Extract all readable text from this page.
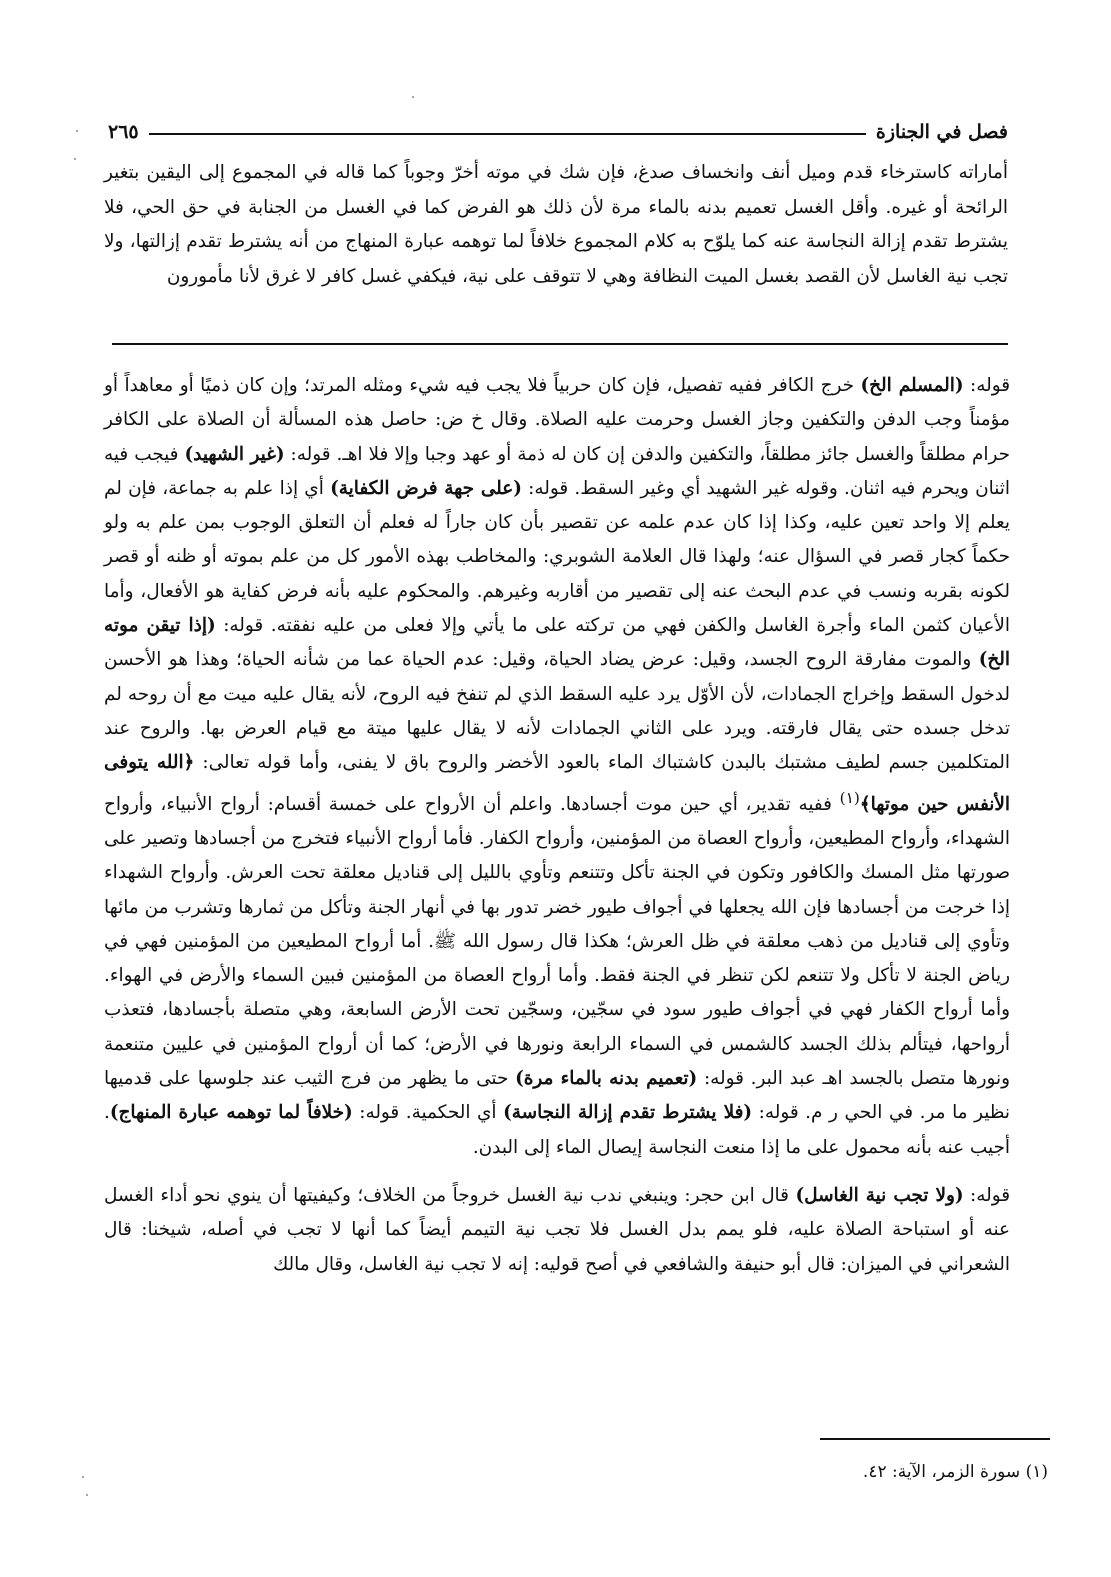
فصل في الجنازة
٢٦٥

أماراته كاسترخاء قدم وميل أنف وانخساف صدغ، فإن شك في موته أخرّ وجوباً كما قاله في المجموع إلى اليقين بتغير الرائحة أو غيره. وأقل الغسل تعميم بدنه بالماء مرة لأن ذلك هو الفرض كما في الغسل من الجنابة في حق الحي، فلا يشترط تقدم إزالة النجاسة عنه كما يلوّح به كلام المجموع خلافاً لما توهمه عبارة المنهاج من أنه يشترط تقدم إزالتها، ولا تجب نية الغاسل لأن القصد بغسل الميت النظافة وهي لا تتوقف على نية، فيكفي غسل كافر لا غرق لأنا مأمورون

قوله: (المسلم الخ) خرج الكافر ففيه تفصيل، فإن كان حربياً فلا يجب فيه شيء ومثله المرتد؛ وإن كان ذميًا أو معاهداً أو مؤمناً وجب الدفن والتكفين وجاز الغسل وحرمت عليه الصلاة. وقال خ ض: حاصل هذه المسألة أن الصلاة على الكافر حرام مطلقاً والغسل جائز مطلقاً، والتكفين والدفن إن كان له ذمة أو عهد وجبا وإلا فلا اهـ. قوله: (غير الشهيد) فيجب فيه اثنان ويحرم فيه اثنان. وقوله غير الشهيد أي وغير السقط. قوله: (على جهة فرض الكفاية) أي إذا علم به جماعة، فإن لم يعلم إلا واحد تعين عليه، وكذا إذا كان عدم علمه عن تقصير بأن كان جاراً له فعلم أن التعلق الوجوب بمن علم به ولو حكماً كجار قصر في السؤال عنه؛ ولهذا قال العلامة الشوبري: والمخاطب بهذه الأمور كل من علم بموته أو ظنه أو قصر لكونه بقربه ونسب في عدم البحث عنه إلى تقصير من أقاربه وغيرهم. والمحكوم عليه بأنه فرض كفاية هو الأفعال، وأما الأعيان كثمن الماء وأجرة الغاسل والكفن فهي من تركته على ما يأتي وإلا فعلى من عليه نفقته. قوله: (إذا تيقن موته الخ) والموت مفارقة الروح الجسد، وقيل: عرض يضاد الحياة، وقيل: عدم الحياة عما من شأنه الحياة؛ وهذا هو الأحسن لدخول السقط وإخراج الجمادات، لأن الأوّل يرد عليه السقط الذي لم تنفخ فيه الروح، لأنه يقال عليه ميت مع أن روحه لم تدخل جسده حتى يقال فارقته. ويرد على الثاني الجمادات لأنه لا يقال عليها ميتة مع قيام العرض بها. والروح عند المتكلمين جسم لطيف مشتبك بالبدن كاشتباك الماء بالعود الأخضر والروح باق لا يفنى، وأما قوله تعالى: ﴿الله يتوفى الأنفس حين موتها﴾$^{(١)}$ ففيه تقدير، أي حين موت أجسادها. واعلم أن الأرواح على خمسة أقسام: أرواح الأنبياء، وأرواح الشهداء، وأرواح المطيعين، وأرواح العصاة من المؤمنين، وأرواح الكفار. فأما أرواح الأنبياء فتخرج من أجسادها وتصير على صورتها مثل المسك والكافور وتكون في الجنة تأكل وتتنعم وتأوي بالليل إلى قناديل معلقة تحت العرش. وأرواح الشهداء إذا خرجت من أجسادها فإن الله يجعلها في أجواف طيور خضر تدور بها في أنهار الجنة وتأكل من ثمارها وتشرب من مائها وتأوي إلى قناديل من ذهب معلقة في ظل العرش؛ هكذا قال رسول الله ﷺ. أما أرواح المطيعين من المؤمنين فهي في رياض الجنة لا تأكل ولا تتنعم لكن تنظر في الجنة فقط. وأما أرواح العصاة من المؤمنين فبين السماء والأرض في الهواء. وأما أرواح الكفار فهي في أجواف طيور سود في سجّين، وسجّين تحت الأرض السابعة، وهي متصلة بأجسادها، فتعذب أرواحها، فيتألم بذلك الجسد كالشمس في السماء الرابعة ونورها في الأرض؛ كما أن أرواح المؤمنين في عليين متنعمة ونورها متصل بالجسد اهـ عبد البر. قوله: (تعميم بدنه بالماء مرة) حتى ما يظهر من فرج الثيب عند جلوسها على قدميها نظير ما مر. في الحي ر م. قوله: (فلا يشترط تقدم إزالة النجاسة) أي الحكمية. قوله: (خلافاً لما توهمه عبارة المنهاج). أجيب عنه بأنه محمول على ما إذا منعت النجاسة إيصال الماء إلى البدن.

قوله: (ولا تجب نية الغاسل) قال ابن حجر: وينبغي ندب نية الغسل خروجاً من الخلاف؛ وكيفيتها أن ينوي نحو أداء الغسل عنه أو استباحة الصلاة عليه، فلو يمم بدل الغسل فلا تجب نية التيمم أيضاً كما أنها لا تجب في أصله، شيخنا: قال الشعراني في الميزان: قال أبو حنيفة والشافعي في أصح قوليه: إنه لا تجب نية الغاسل، وقال مالك

(١) سورة الزمر، الآية: ٤٢.
